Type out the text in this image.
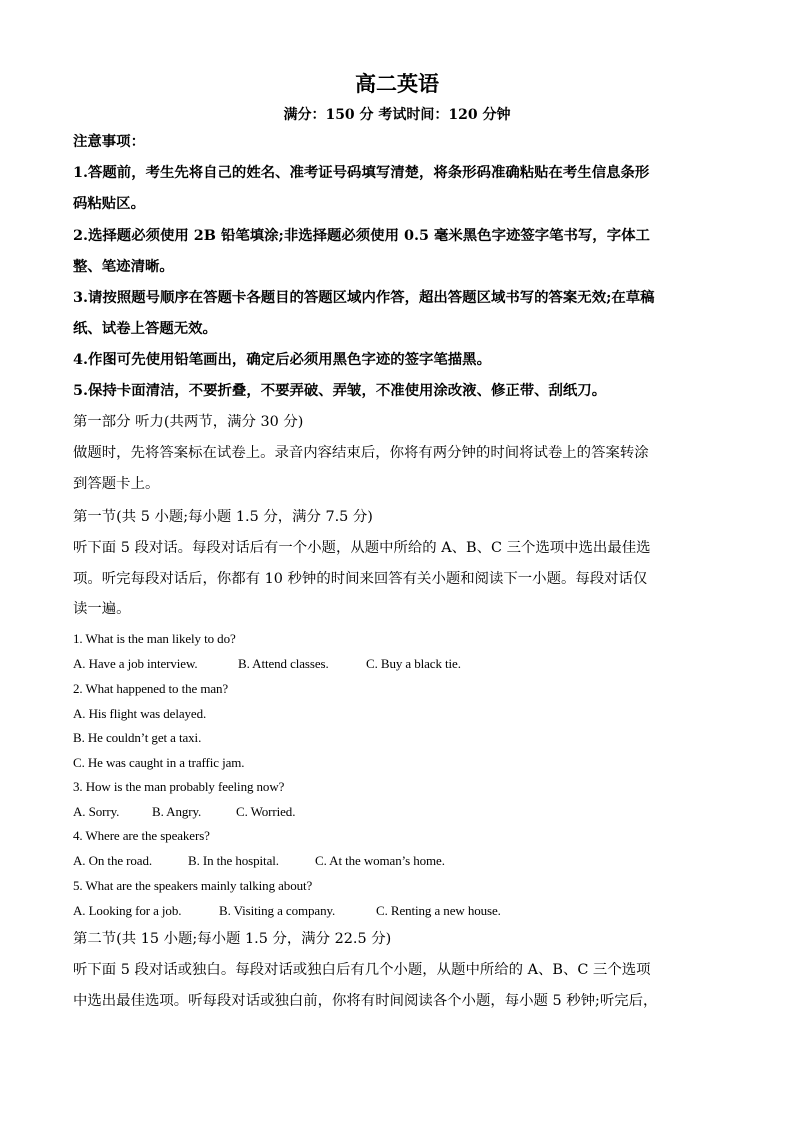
高二英语
满分：150 分 考试时间：120 分钟
注意事项：
1.答题前，考生先将自己的姓名、准考证号码填写清楚，将条形码准确粘贴在考生信息条形
码粘贴区。
2.选择题必须使用 2B 铅笔填涂;非选择题必须使用 0.5 毫米黑色字迹签字笔书写，字体工
整、笔迹清晰。
3.请按照题号顺序在答题卡各题目的答题区域内作答，超出答题区域书写的答案无效;在草稿
纸、试卷上答题无效。
4.作图可先使用铅笔画出，确定后必须用黑色字迹的签字笔描黑。
5.保持卡面清洁，不要折叠，不要弄破、弄皱，不准使用涂改液、修正带、刮纸刀。
第一部分 听力(共两节，满分 30 分)
做题时，先将答案标在试卷上。录音内容结束后，你将有两分钟的时间将试卷上的答案转涂
到答题卡上。
第一节(共 5 小题;每小题 1.5 分，满分 7.5 分)
听下面 5 段对话。每段对话后有一个小题，从题中所给的 A、B、C 三个选项中选出最佳选
项。听完每段对话后，你都有 10 秒钟的时间来回答有关小题和阅读下一小题。每段对话仅
读一遍。
1. What is the man likely to do?
A. Have a job interview.	B. Attend classes.	C. Buy a black tie.
2. What happened to the man?
A. His flight was delayed.
B. He couldn’t get a taxi.
C. He was caught in a traffic jam.
3. How is the man probably feeling now?
A. Sorry.	B. Angry.	C. Worried.
4. Where are the speakers?
A. On the road.	B. In the hospital.	C. At the woman’s home.
5. What are the speakers mainly talking about?
A. Looking for a job.	B. Visiting a company.	C. Renting a new house.
第二节(共 15 小题;每小题 1.5 分，满分 22.5 分)
听下面 5 段对话或独白。每段对话或独白后有几个小题，从题中所给的 A、B、C 三个选项
中选出最佳选项。听每段对话或独白前，你将有时间阅读各个小题，每小题 5 秒钟;听完后，
